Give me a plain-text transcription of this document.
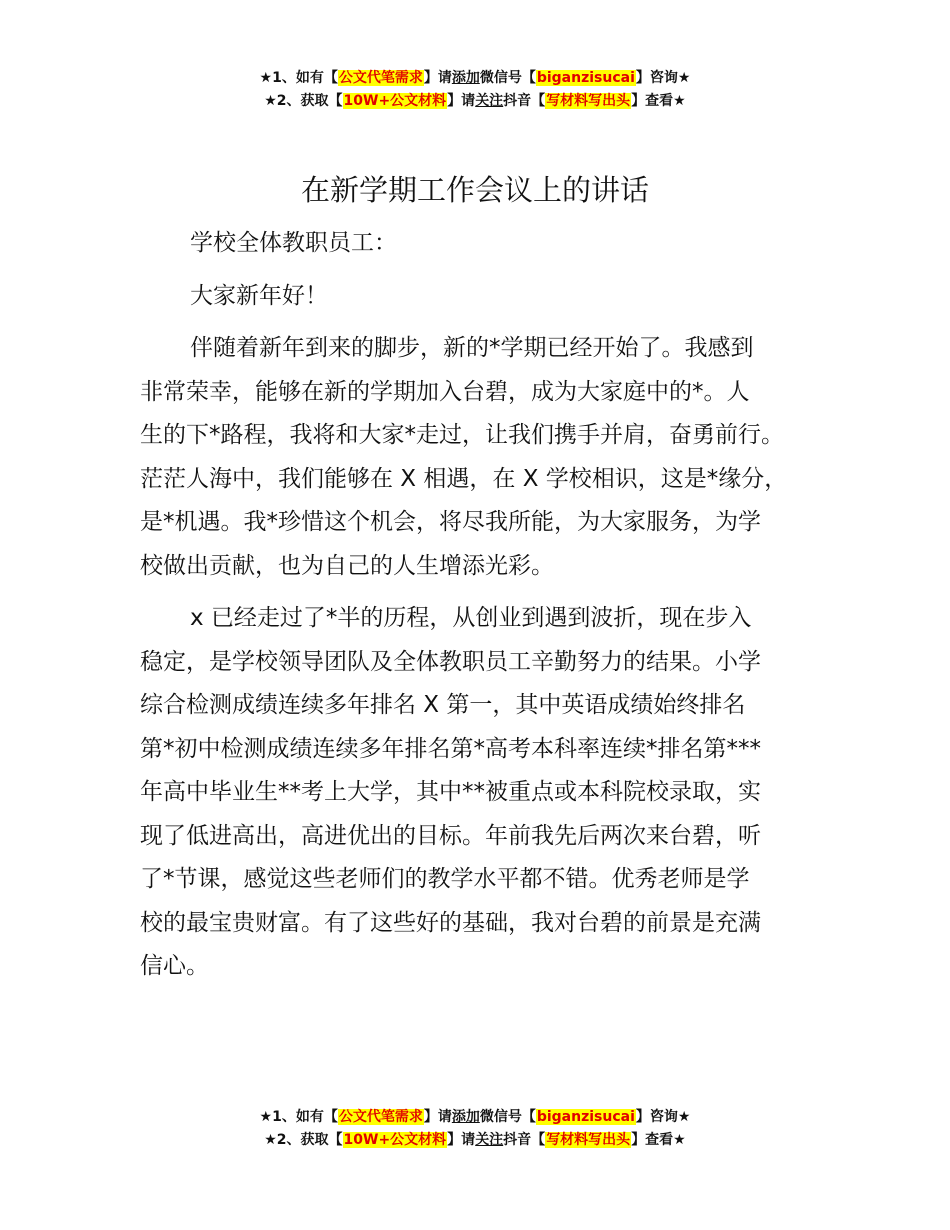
★1、如有【公文代笔需求】请添加微信号【biganzisucai】咨询★
★2、获取【10W+公文材料】请关注抖音【写材料写出头】查看★
在新学期工作会议上的讲话
学校全体教职员工：
大家新年好！
伴随着新年到来的脚步，新的*学期已经开始了。我感到
非常荣幸，能够在新的学期加入台碧，成为大家庭中的*。人
生的下*路程，我将和大家*走过，让我们携手并肩，奋勇前行。
茫茫人海中，我们能够在 X 相遇，在 X 学校相识，这是*缘分，
是*机遇。我*珍惜这个机会，将尽我所能，为大家服务，为学
校做出贡献，也为自己的人生增添光彩。
x 已经走过了*半的历程，从创业到遇到波折，现在步入
稳定，是学校领导团队及全体教职员工辛勤努力的结果。小学
综合检测成绩连续多年排名 X 第一，其中英语成绩始终排名
第*初中检测成绩连续多年排名第*高考本科率连续*排名第***
年高中毕业生**考上大学，其中**被重点或本科院校录取，实
现了低进高出，高进优出的目标。年前我先后两次来台碧，听
了*节课，感觉这些老师们的教学水平都不错。优秀老师是学
校的最宝贵财富。有了这些好的基础，我对台碧的前景是充满
信心。
★1、如有【公文代笔需求】请添加微信号【biganzisucai】咨询★
★2、获取【10W+公文材料】请关注抖音【写材料写出头】查看★
